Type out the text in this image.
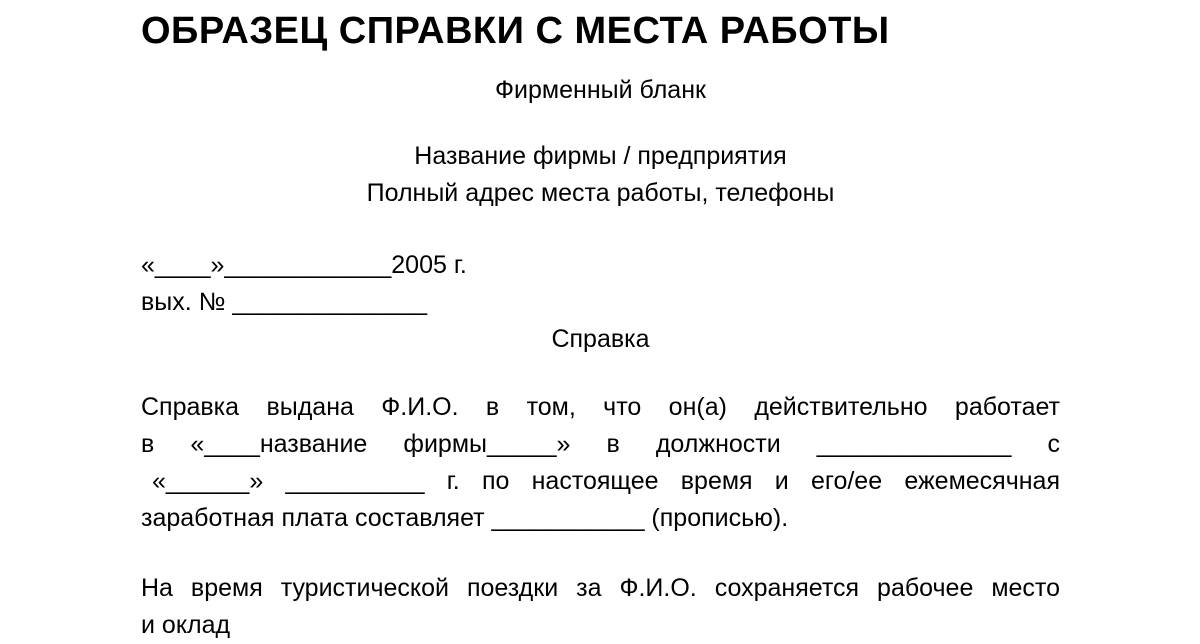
ОБРАЗЕЦ СПРАВКИ С МЕСТА РАБОТЫ
Фирменный бланк
Название фирмы / предприятия
Полный адрес места работы, телефоны
«____»____________2005 г.
вых. № ______________
Справка
Справка выдана Ф.И.О. в том, что он(а) действительно работает
в «____название фирмы_____» в должности ______________ с
«______» __________ г. по настоящее время и его/ее ежемесячная
заработная плата составляет ___________ (прописью).
На время туристической поездки за Ф.И.О. сохраняется рабочее место
и оклад
